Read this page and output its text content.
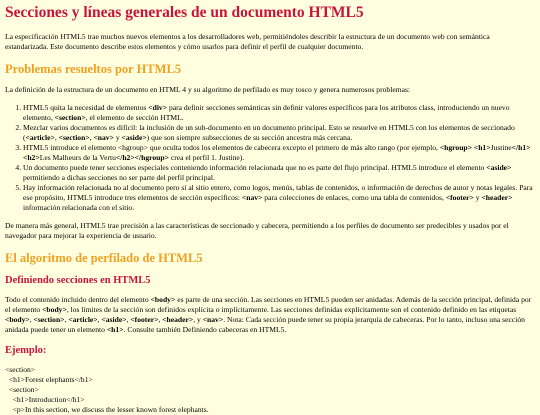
Secciones y líneas generales de un documento HTML5

La especificación HTML5 trae muchos nuevos elementos a los desarrolladores web, permitiéndoles describir la estructura de un documento web con semántica estandarizada. Este documento describe estos elementos y cómo usarlos para definir el perfil de cualquier documento.

Problemas resueltos por HTML5

La definición de la estructura de un documento en HTML 4 y su algoritmo de perfilado es muy tosco y genera numerosos problemas:

1. HTML5 quita la necesidad de elementos <div> para definir secciones semánticas sin definir valores específicos para los atributos class, introduciendo un nuevo elemento, <section>, el elemento de sección HTML.
2. Mezclar varios documentos es difícil: la inclusión de un sub-documento en un documento principal. Esto se resuelve en HTML5 con los elementos de seccionado (<article>, <section>, <nav> y <aside>) que son siempre subsecciones de su sección ancestra más cercana.
3. HTML5 introduce el elemento <hgroup> que oculta todos los elementos de cabecera excepto el primero de más alto rango (por ejemplo, <hgroup> <h1>Justine</h1><h2>Les Malheurs de la Vertu</h2></hgroup> crea el perfil 1. Justine).
4. Un documento puede tener secciones especiales conteniendo información relacionada que no es parte del flujo principal. HTML5 introduce el elemento <aside> permitiendo a dichas secciones no ser parte del perfil principal.
5. Hay información relacionada no al documento pero sí al sitio entero, como logos, menús, tablas de contenidos, o información de derechos de autor y notas legales. Para ese propósito, HTML5 introduce tres elementos de sección específicos: <nav> para colecciones de enlaces, como una tabla de contenidos, <footer> y <header> información relacionada con el sitio.

De manera más general, HTML5 trae precisión a las características de seccionado y cabecera, permitiendo a los perfiles de documento ser predecibles y usados por el navegador para mejorar la experiencia de usuario.

El algoritmo de perfilado de HTML5
Definiendo secciones en HTML5

Todo el contenido incluido dentro del elemento <body> es parte de una sección. Las secciones en HTML5 pueden ser anidadas. Además de la sección principal, definida por el elemento <body>, los límites de la sección son definidos explícita o implícitamente. Las secciones definidas explícitamente son el contenido definido en las etiquetas <body>, <section>, <article>, <aside>, <footer>, <header>, y <nav>. Nota: Cada sección puede tener su propia jerarquía de cabeceras. Por lo tanto, incluso una sección anidada puede tener un elemento <h1>. Consulte también Definiendo cabeceras en HTML5.

Ejemplo:
<section>
<h1>Forest elephants</h1>
<section>
<h1>Introduction</h1>
<p>In this section, we discuss the lesser known forest elephants.
